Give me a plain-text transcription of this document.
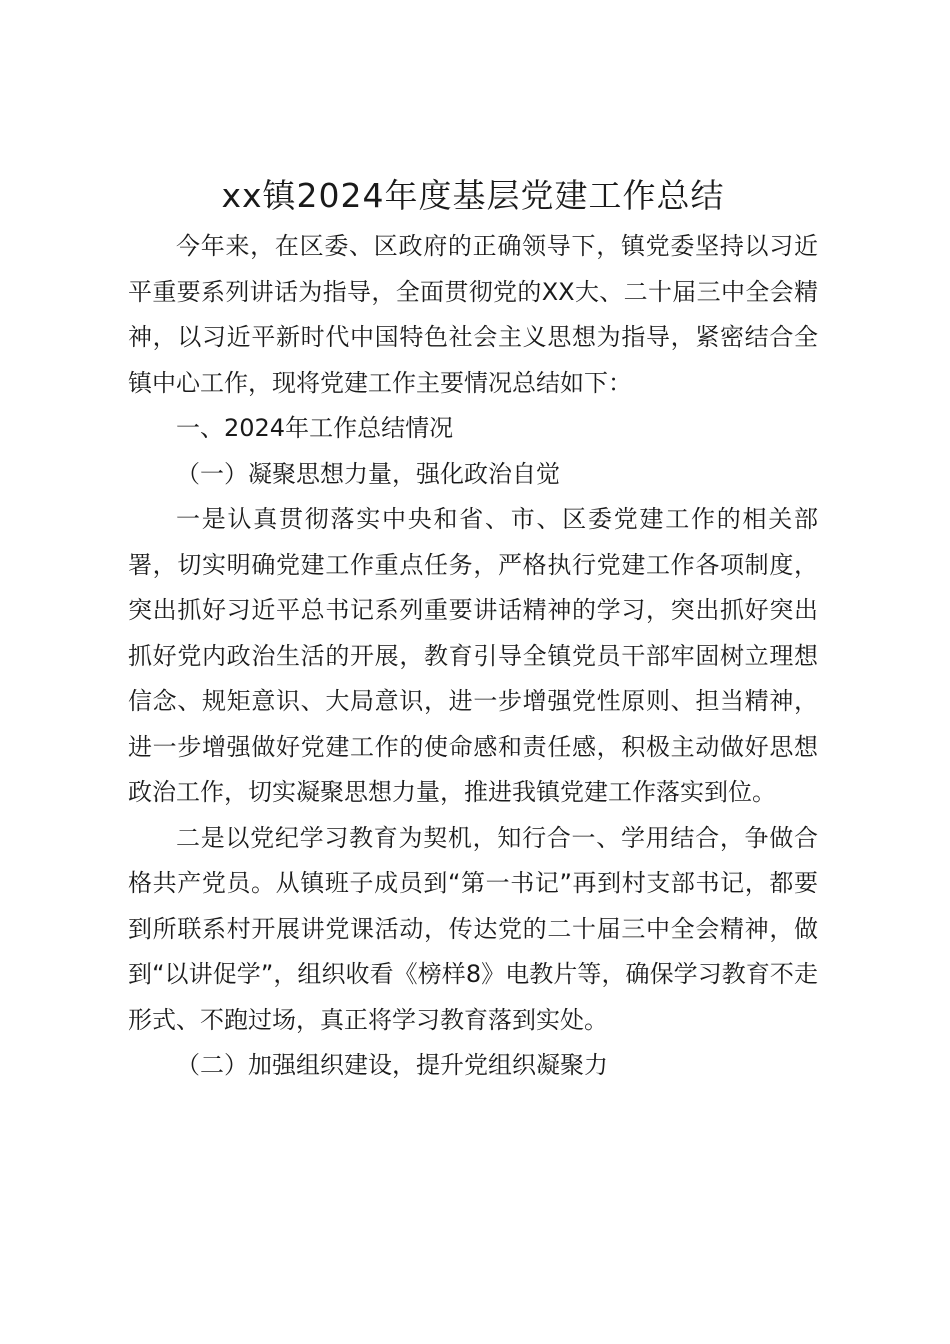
xx镇2024年度基层党建工作总结

今年来，在区委、区政府的正确领导下，镇党委坚持以习近平重要系列讲话为指导，全面贯彻党的XX大、二十届三中全会精神，以习近平新时代中国特色社会主义思想为指导，紧密结合全镇中心工作，现将党建工作主要情况总结如下：

一、2024年工作总结情况

（一）凝聚思想力量，强化政治自觉

一是认真贯彻落实中央和省、市、区委党建工作的相关部署，切实明确党建工作重点任务，严格执行党建工作各项制度，突出抓好习近平总书记系列重要讲话精神的学习，突出抓好突出抓好党内政治生活的开展，教育引导全镇党员干部牢固树立理想信念、规矩意识、大局意识，进一步增强党性原则、担当精神，进一步增强做好党建工作的使命感和责任感，积极主动做好思想政治工作，切实凝聚思想力量，推进我镇党建工作落实到位。

二是以党纪学习教育为契机，知行合一、学用结合，争做合格共产党员。从镇班子成员到“第一书记”再到村支部书记，都要到所联系村开展讲党课活动，传达党的二十届三中全会精神，做到“以讲促学”，组织收看《榜样8》电教片等，确保学习教育不走形式、不跑过场，真正将学习教育落到实处。

（二）加强组织建设，提升党组织凝聚力
